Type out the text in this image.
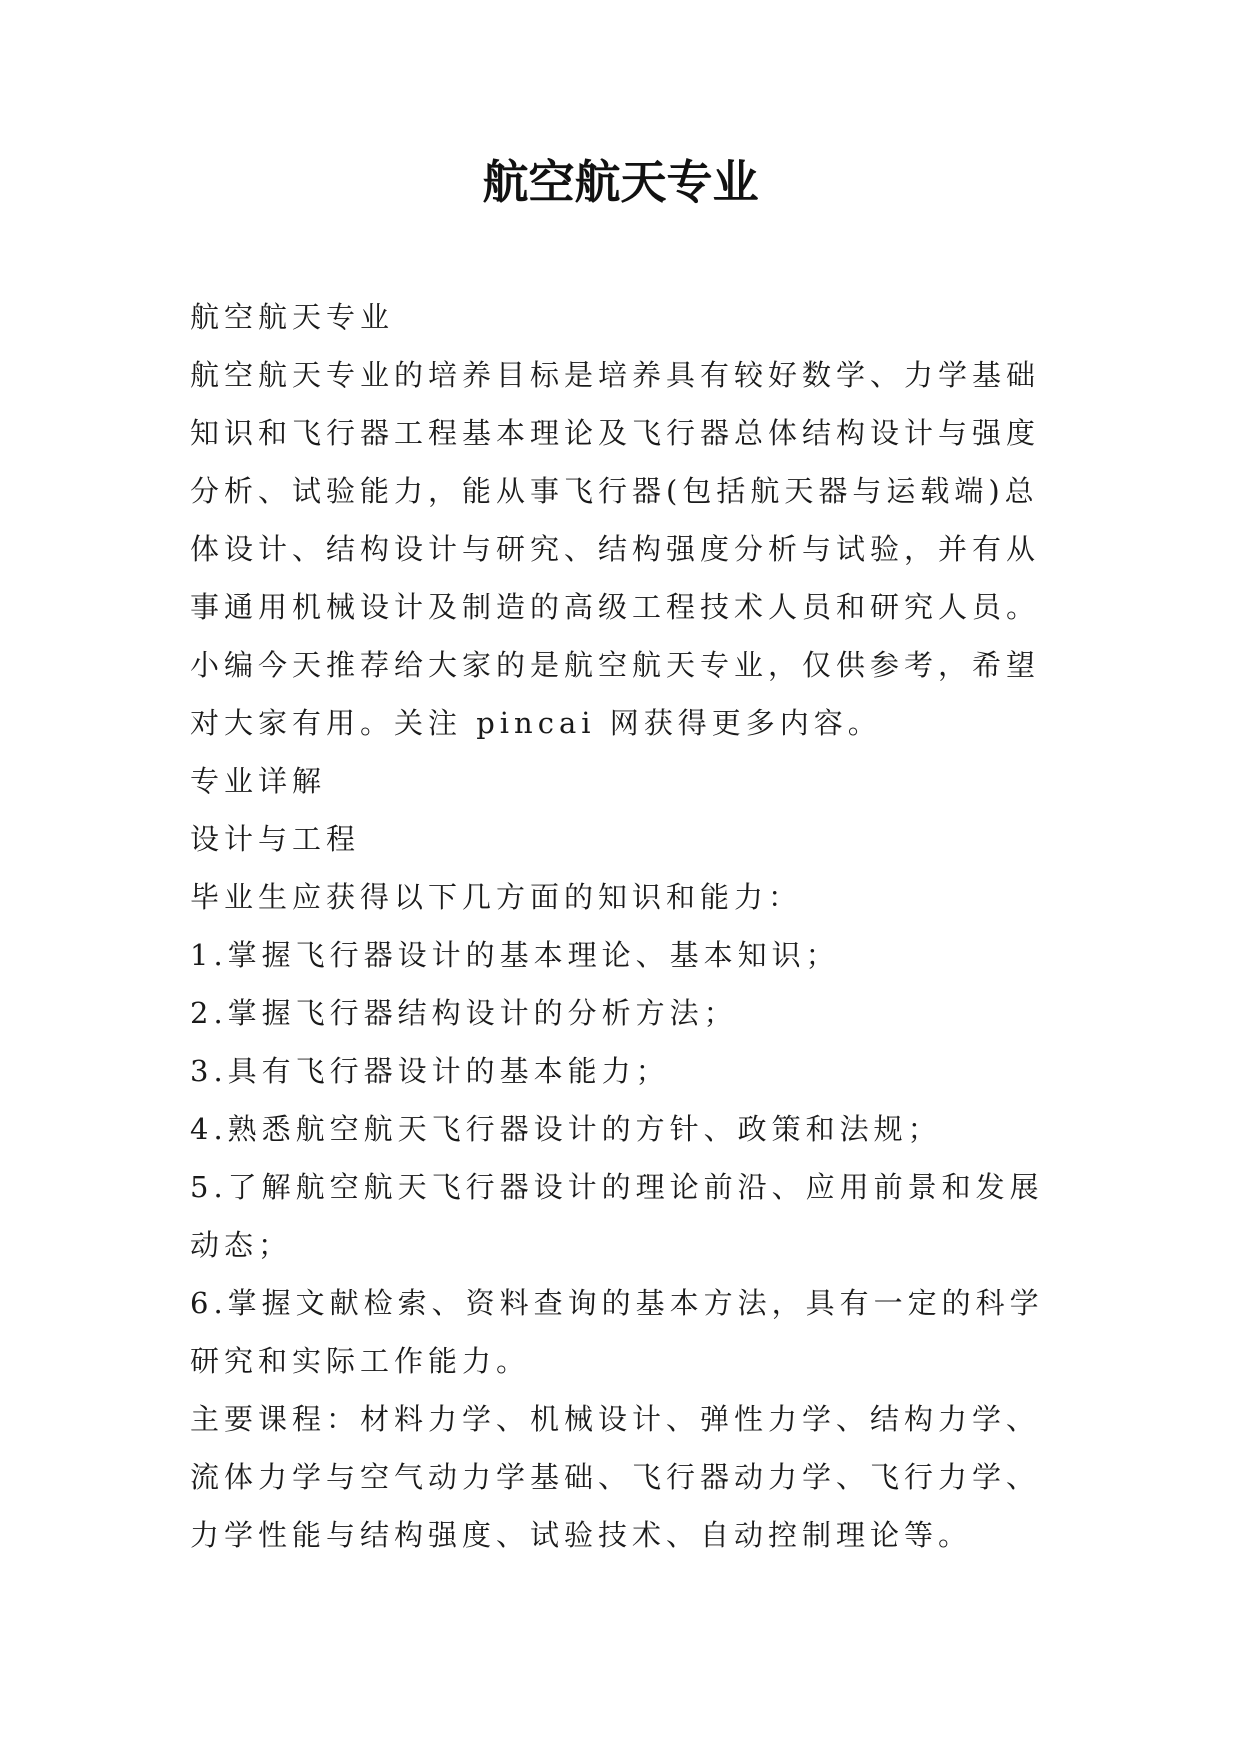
航空航天专业

航空航天专业

航空航天专业的培养目标是培养具有较好数学、力学基础知识和飞行器工程基本理论及飞行器总体结构设计与强度分析、试验能力，能从事飞行器(包括航天器与运载端)总体设计、结构设计与研究、结构强度分析与试验，并有从事通用机械设计及制造的高级工程技术人员和研究人员。小编今天推荐给大家的是航空航天专业，仅供参考，希望对大家有用。关注 pincai 网获得更多内容。

专业详解

设计与工程

毕业生应获得以下几方面的知识和能力：

1.掌握飞行器设计的基本理论、基本知识；

2.掌握飞行器结构设计的分析方法；

3.具有飞行器设计的基本能力；

4.熟悉航空航天飞行器设计的方针、政策和法规；

5.了解航空航天飞行器设计的理论前沿、应用前景和发展动态；

6.掌握文献检索、资料查询的基本方法，具有一定的科学研究和实际工作能力。

主要课程：材料力学、机械设计、弹性力学、结构力学、流体力学与空气动力学基础、飞行器动力学、飞行力学、力学性能与结构强度、试验技术、自动控制理论等。
